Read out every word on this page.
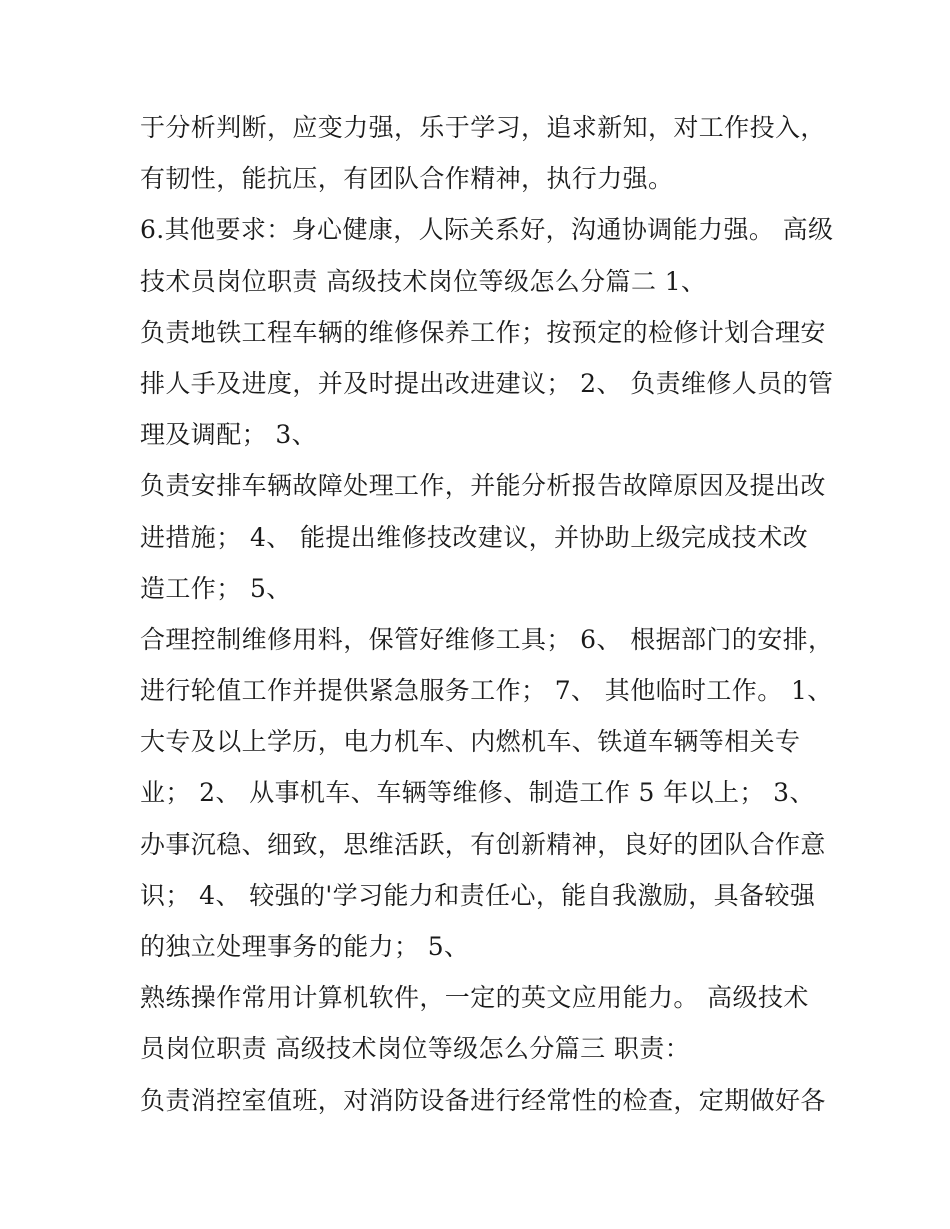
于分析判断，应变力强，乐于学习，追求新知，对工作投入，
有韧性，能抗压，有团队合作精神，执行力强。
6.其他要求：身心健康，人际关系好，沟通协调能力强。 高级
技术员岗位职责 高级技术岗位等级怎么分篇二 1、
负责地铁工程车辆的维修保养工作；按预定的检修计划合理安
排人手及进度，并及时提出改进建议； 2、 负责维修人员的管
理及调配； 3、
负责安排车辆故障处理工作，并能分析报告故障原因及提出改
进措施； 4、 能提出维修技改建议，并协助上级完成技术改
造工作； 5、
合理控制维修用料，保管好维修工具； 6、 根据部门的安排，
进行轮值工作并提供紧急服务工作； 7、 其他临时工作。 1、
大专及以上学历，电力机车、内燃机车、铁道车辆等相关专
业； 2、 从事机车、车辆等维修、制造工作 5 年以上； 3、
办事沉稳、细致，思维活跃，有创新精神，良好的团队合作意
识； 4、 较强的'学习能力和责任心，能自我激励，具备较强
的独立处理事务的能力； 5、
熟练操作常用计算机软件，一定的英文应用能力。 高级技术
员岗位职责 高级技术岗位等级怎么分篇三 职责：
负责消控室值班，对消防设备进行经常性的检查，定期做好各
